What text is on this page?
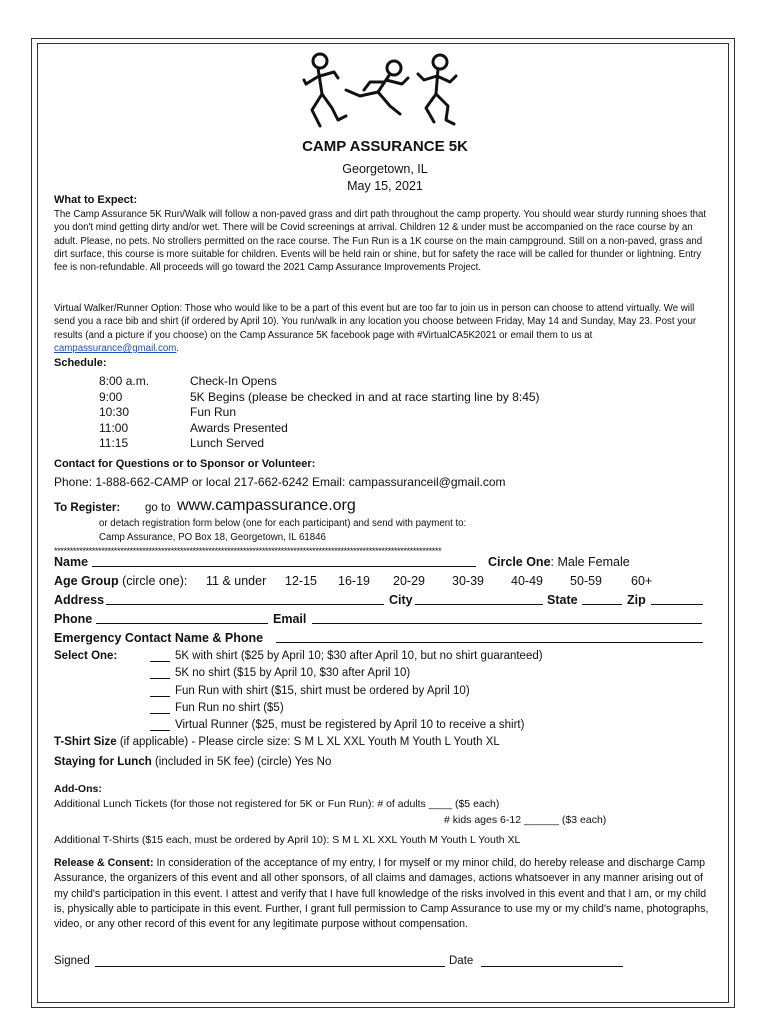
CAMP ASSURANCE 5K
Georgetown, IL
May 15, 2021
What to Expect:
The Camp Assurance 5K Run/Walk will follow a non-paved grass and dirt path throughout the camp property. You should wear sturdy running shoes that you don't mind getting dirty and/or wet. There will be Covid screenings at arrival. Children 12 & under must be accompanied on the race course by an adult. Please, no pets. No strollers permitted on the race course. The Fun Run is a 1K course on the main campground. Still on a non-paved, grass and dirt surface, this course is more suitable for children. Events will be held rain or shine, but for safety the race will be called for thunder or lightning. Entry fee is non-refundable. All proceeds will go toward the 2021 Camp Assurance Improvements Project.
Virtual Walker/Runner Option: Those who would like to be a part of this event but are too far to join us in person can choose to attend virtually. We will send you a race bib and shirt (if ordered by April 10). You run/walk in any location you choose between Friday, May 14 and Sunday, May 23. Post your results (and a picture if you choose) on the Camp Assurance 5K facebook page with #VirtualCA5K2021 or email them to us at campassurance@gmail.com.
Schedule:
8:00 a.m.	Check-In Opens
9:00	5K Begins (please be checked in and at race starting line by 8:45)
10:30	Fun Run
11:00	Awards Presented
11:15	Lunch Served
Contact for Questions or to Sponsor or Volunteer:
Phone: 1-888-662-CAMP or local 217-662-6242 Email: campassuranceil@gmail.com
To Register: go to www.campassurance.org
or detach registration form below (one for each participant) and send with payment to:
Camp Assurance, PO Box 18, Georgetown, IL 61846
***************************************************************************************************************************
Name	Circle One: Male Female
Age Group (circle one): 11 & under 12-15 16-19 20-29 30-39 40-49 50-59 60+
Address	City	State	Zip
Phone	Email
Emergency Contact Name & Phone
Select One:	5K with shirt ($25 by April 10; $30 after April 10, but no shirt guaranteed)
5K no shirt ($15 by April 10, $30 after April 10)
Fun Run with shirt ($15, shirt must be ordered by April 10)
Fun Run no shirt ($5)
Virtual Runner ($25, must be registered by April 10 to receive a shirt)
T-Shirt Size (if applicable) - Please circle size: S M L XL XXL Youth M Youth L Youth XL
Staying for Lunch (included in 5K fee) (circle) Yes No
Add-Ons:
Additional Lunch Tickets (for those not registered for 5K or Fun Run): # of adults ____ ($5 each)
# kids ages 6-12 ______ ($3 each)
Additional T-Shirts ($15 each, must be ordered by April 10): S M L XL XXL Youth M Youth L Youth XL
Release & Consent: In consideration of the acceptance of my entry, I for myself or my minor child, do hereby release and discharge Camp Assurance, the organizers of this event and all other sponsors, of all claims and damages, actions whatsoever in any manner arising out of my child's participation in this event. I attest and verify that I have full knowledge of the risks involved in this event and that I am, or my child is, physically able to participate in this event. Further, I grant full permission to Camp Assurance to use my or my child's name, photographs, video, or any other record of this event for any legitimate purpose without compensation.
Signed	Date
